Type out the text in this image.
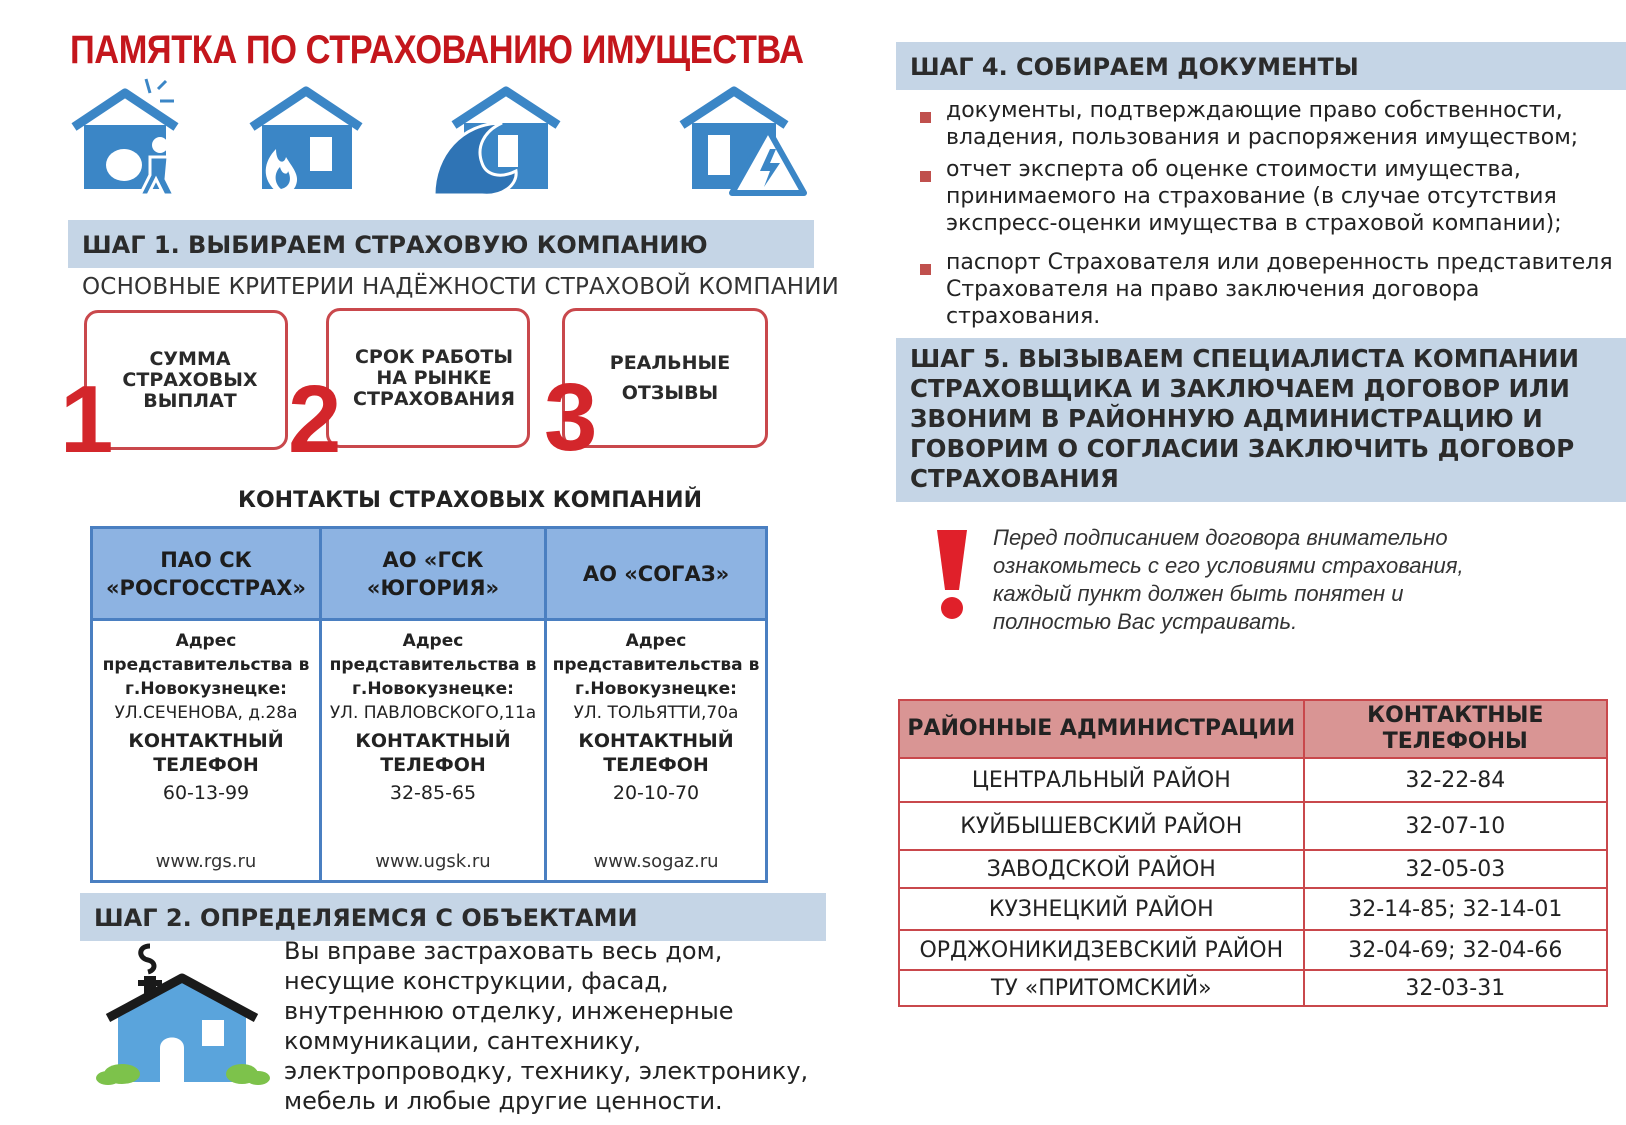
ПАМЯТКА ПО СТРАХОВАНИЮ ИМУЩЕСТВА
ШАГ 1. ВЫБИРАЕМ СТРАХОВУЮ КОМПАНИЮ
ОСНОВНЫЕ КРИТЕРИИ НАДЁЖНОСТИ СТРАХОВОЙ КОМПАНИИ
СУММА СТРАХОВЫХ ВЫПЛАТ
1
СРОК РАБОТЫ НА РЫНКЕ СТРАХОВАНИЯ
2
РЕАЛЬНЫЕ ОТЗЫВЫ
3
КОНТАКТЫ СТРАХОВЫХ КОМПАНИЙ
ПАО СК «РОСГОССТРАХ»
Адрес представительства в г.Новокузнецке:
УЛ.СЕЧЕНОВА, д.28а
КОНТАКТНЫЙ ТЕЛЕФОН
60-13-99
www.rgs.ru
АО «ГСК «ЮГОРИЯ»
Адрес представительства в г.Новокузнецке:
УЛ. ПАВЛОВСКОГО,11а
КОНТАКТНЫЙ ТЕЛЕФОН
32-85-65
www.ugsk.ru
АО «СОГАЗ»
Адрес представительства в г.Новокузнецке:
УЛ. ТОЛЬЯТТИ,70а
КОНТАКТНЫЙ ТЕЛЕФОН
20-10-70
www.sogaz.ru
ШАГ 2. ОПРЕДЕЛЯЕМСЯ С ОБЪЕКТАМИ
Вы вправе застраховать весь дом, несущие конструкции, фасад, внутреннюю отделку, инженерные коммуникации, сантехнику, электропроводку, технику, электронику, мебель и любые другие ценности.
ШАГ 4. СОБИРАЕМ ДОКУМЕНТЫ
документы, подтверждающие право собственности, владения, пользования и распоряжения имуществом;
отчет эксперта об оценке стоимости имущества, принимаемого на страхование (в случае отсутствия экспресс-оценки имущества в страховой компании);
паспорт Страхователя или доверенность представителя Страхователя на право заключения договора страхования.
ШАГ 5. ВЫЗЫВАЕМ СПЕЦИАЛИСТА КОМПАНИИ СТРАХОВЩИКА И ЗАКЛЮЧАЕМ ДОГОВОР ИЛИ ЗВОНИМ В РАЙОННУЮ АДМИНИСТРАЦИЮ И ГОВОРИМ О СОГЛАСИИ ЗАКЛЮЧИТЬ ДОГОВОР СТРАХОВАНИЯ
Перед подписанием договора внимательно ознакомьтесь с его условиями страхования, каждый пункт должен быть понятен и полностью Вас устраивать.
РАЙОННЫЕ АДМИНИСТРАЦИИ	КОНТАКТНЫЕ ТЕЛЕФОНЫ
ЦЕНТРАЛЬНЫЙ РАЙОН	32-22-84
КУЙБЫШЕВСКИЙ РАЙОН	32-07-10
ЗАВОДСКОЙ РАЙОН	32-05-03
КУЗНЕЦКИЙ РАЙОН	32-14-85; 32-14-01
ОРДЖОНИКИДЗЕВСКИЙ РАЙОН	32-04-69; 32-04-66
ТУ «ПРИТОМСКИЙ»	32-03-31
